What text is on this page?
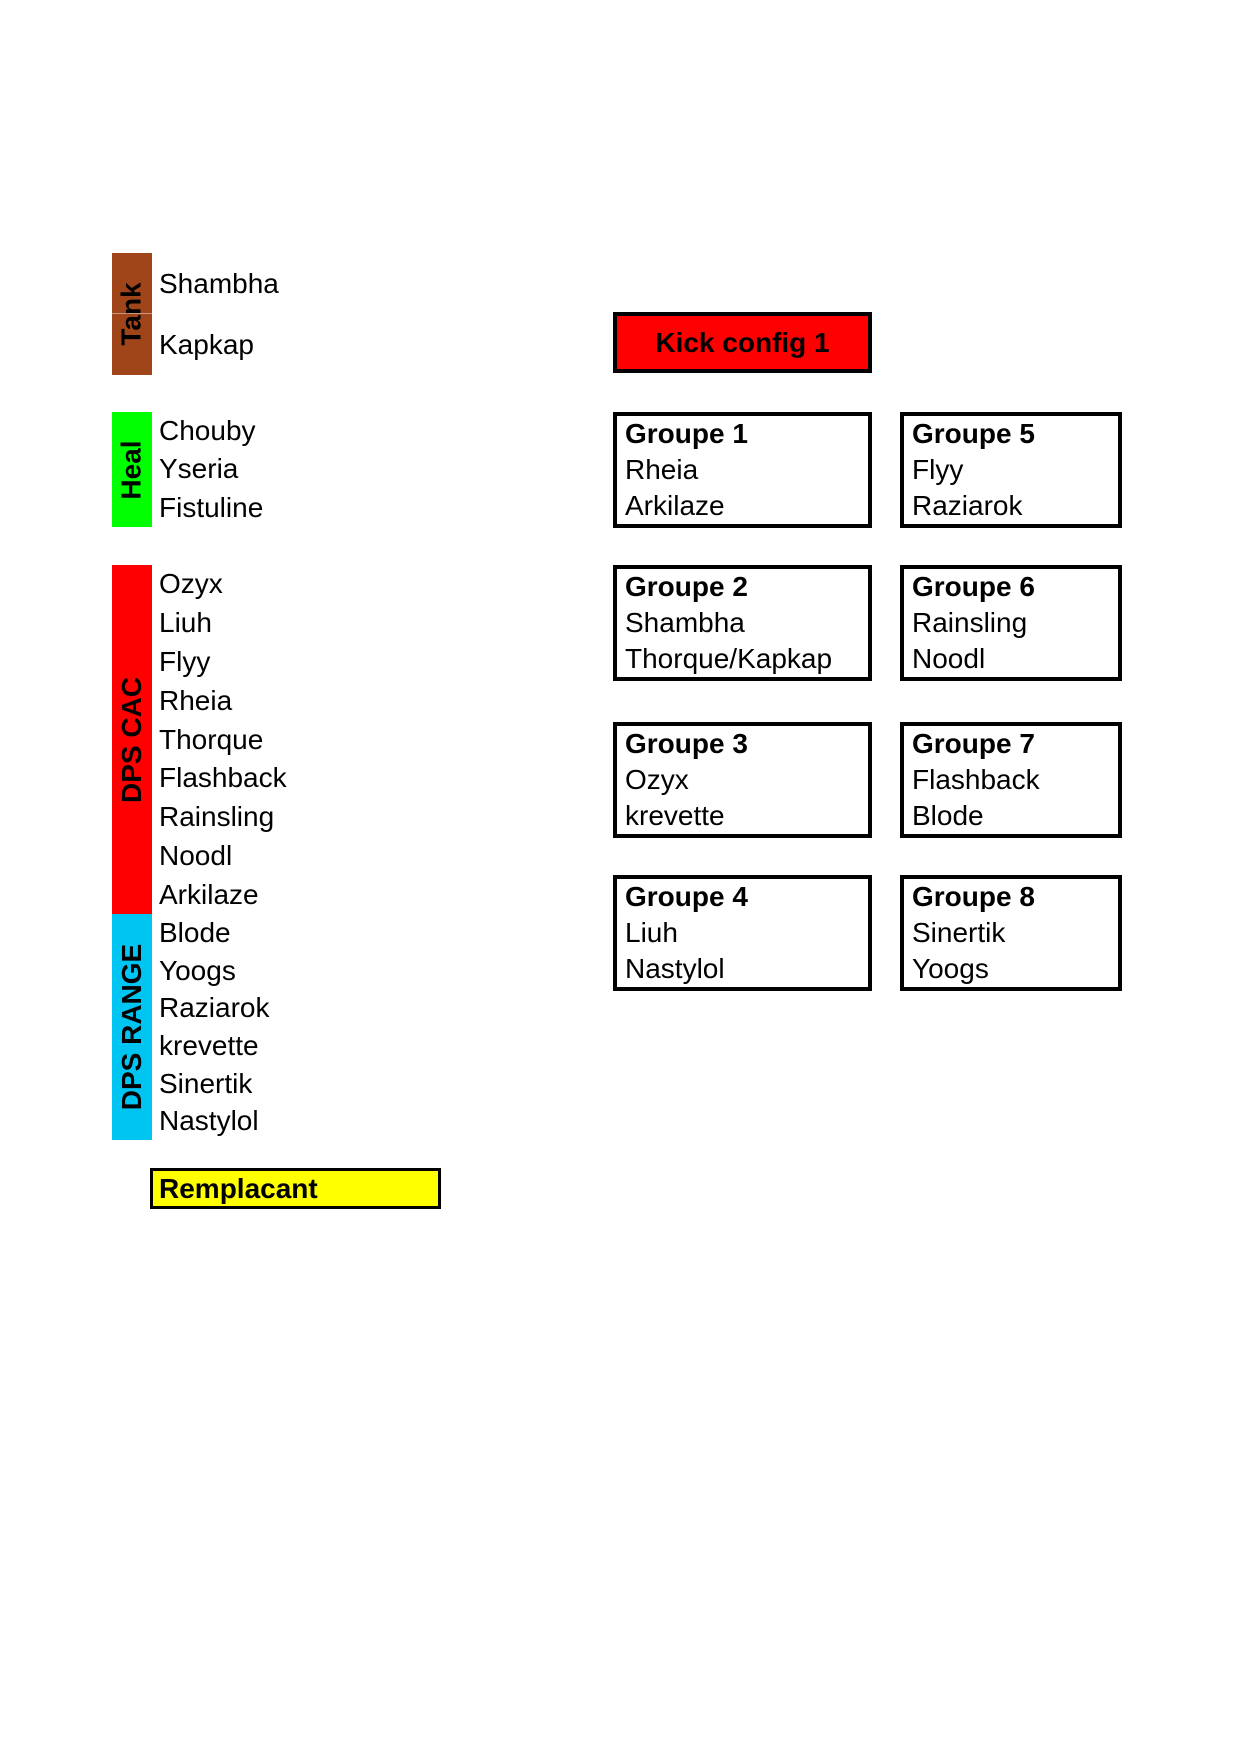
Tank Shambha
Kapkap
Heal
Chouby
Yseria
Fistuline
DPS CAC
Ozyx
Liuh
Flyy
Rheia
Thorque
Flashback
Rainsling
Noodl
Arkilaze
DPS RANGE
Blode
Yoogs
Raziarok
krevette
Sinertik
Nastylol
Remplacant
Kick config 1
Groupe 1
Rheia
Arkilaze
Groupe 2
Shambha
Thorque/Kapkap
Groupe 3
Ozyx
krevette
Groupe 4
Liuh
Nastylol
Groupe 5
Flyy
Raziarok
Groupe 6
Rainsling
Noodl
Groupe 7
Flashback
Blode
Groupe 8
Sinertik
Yoogs
